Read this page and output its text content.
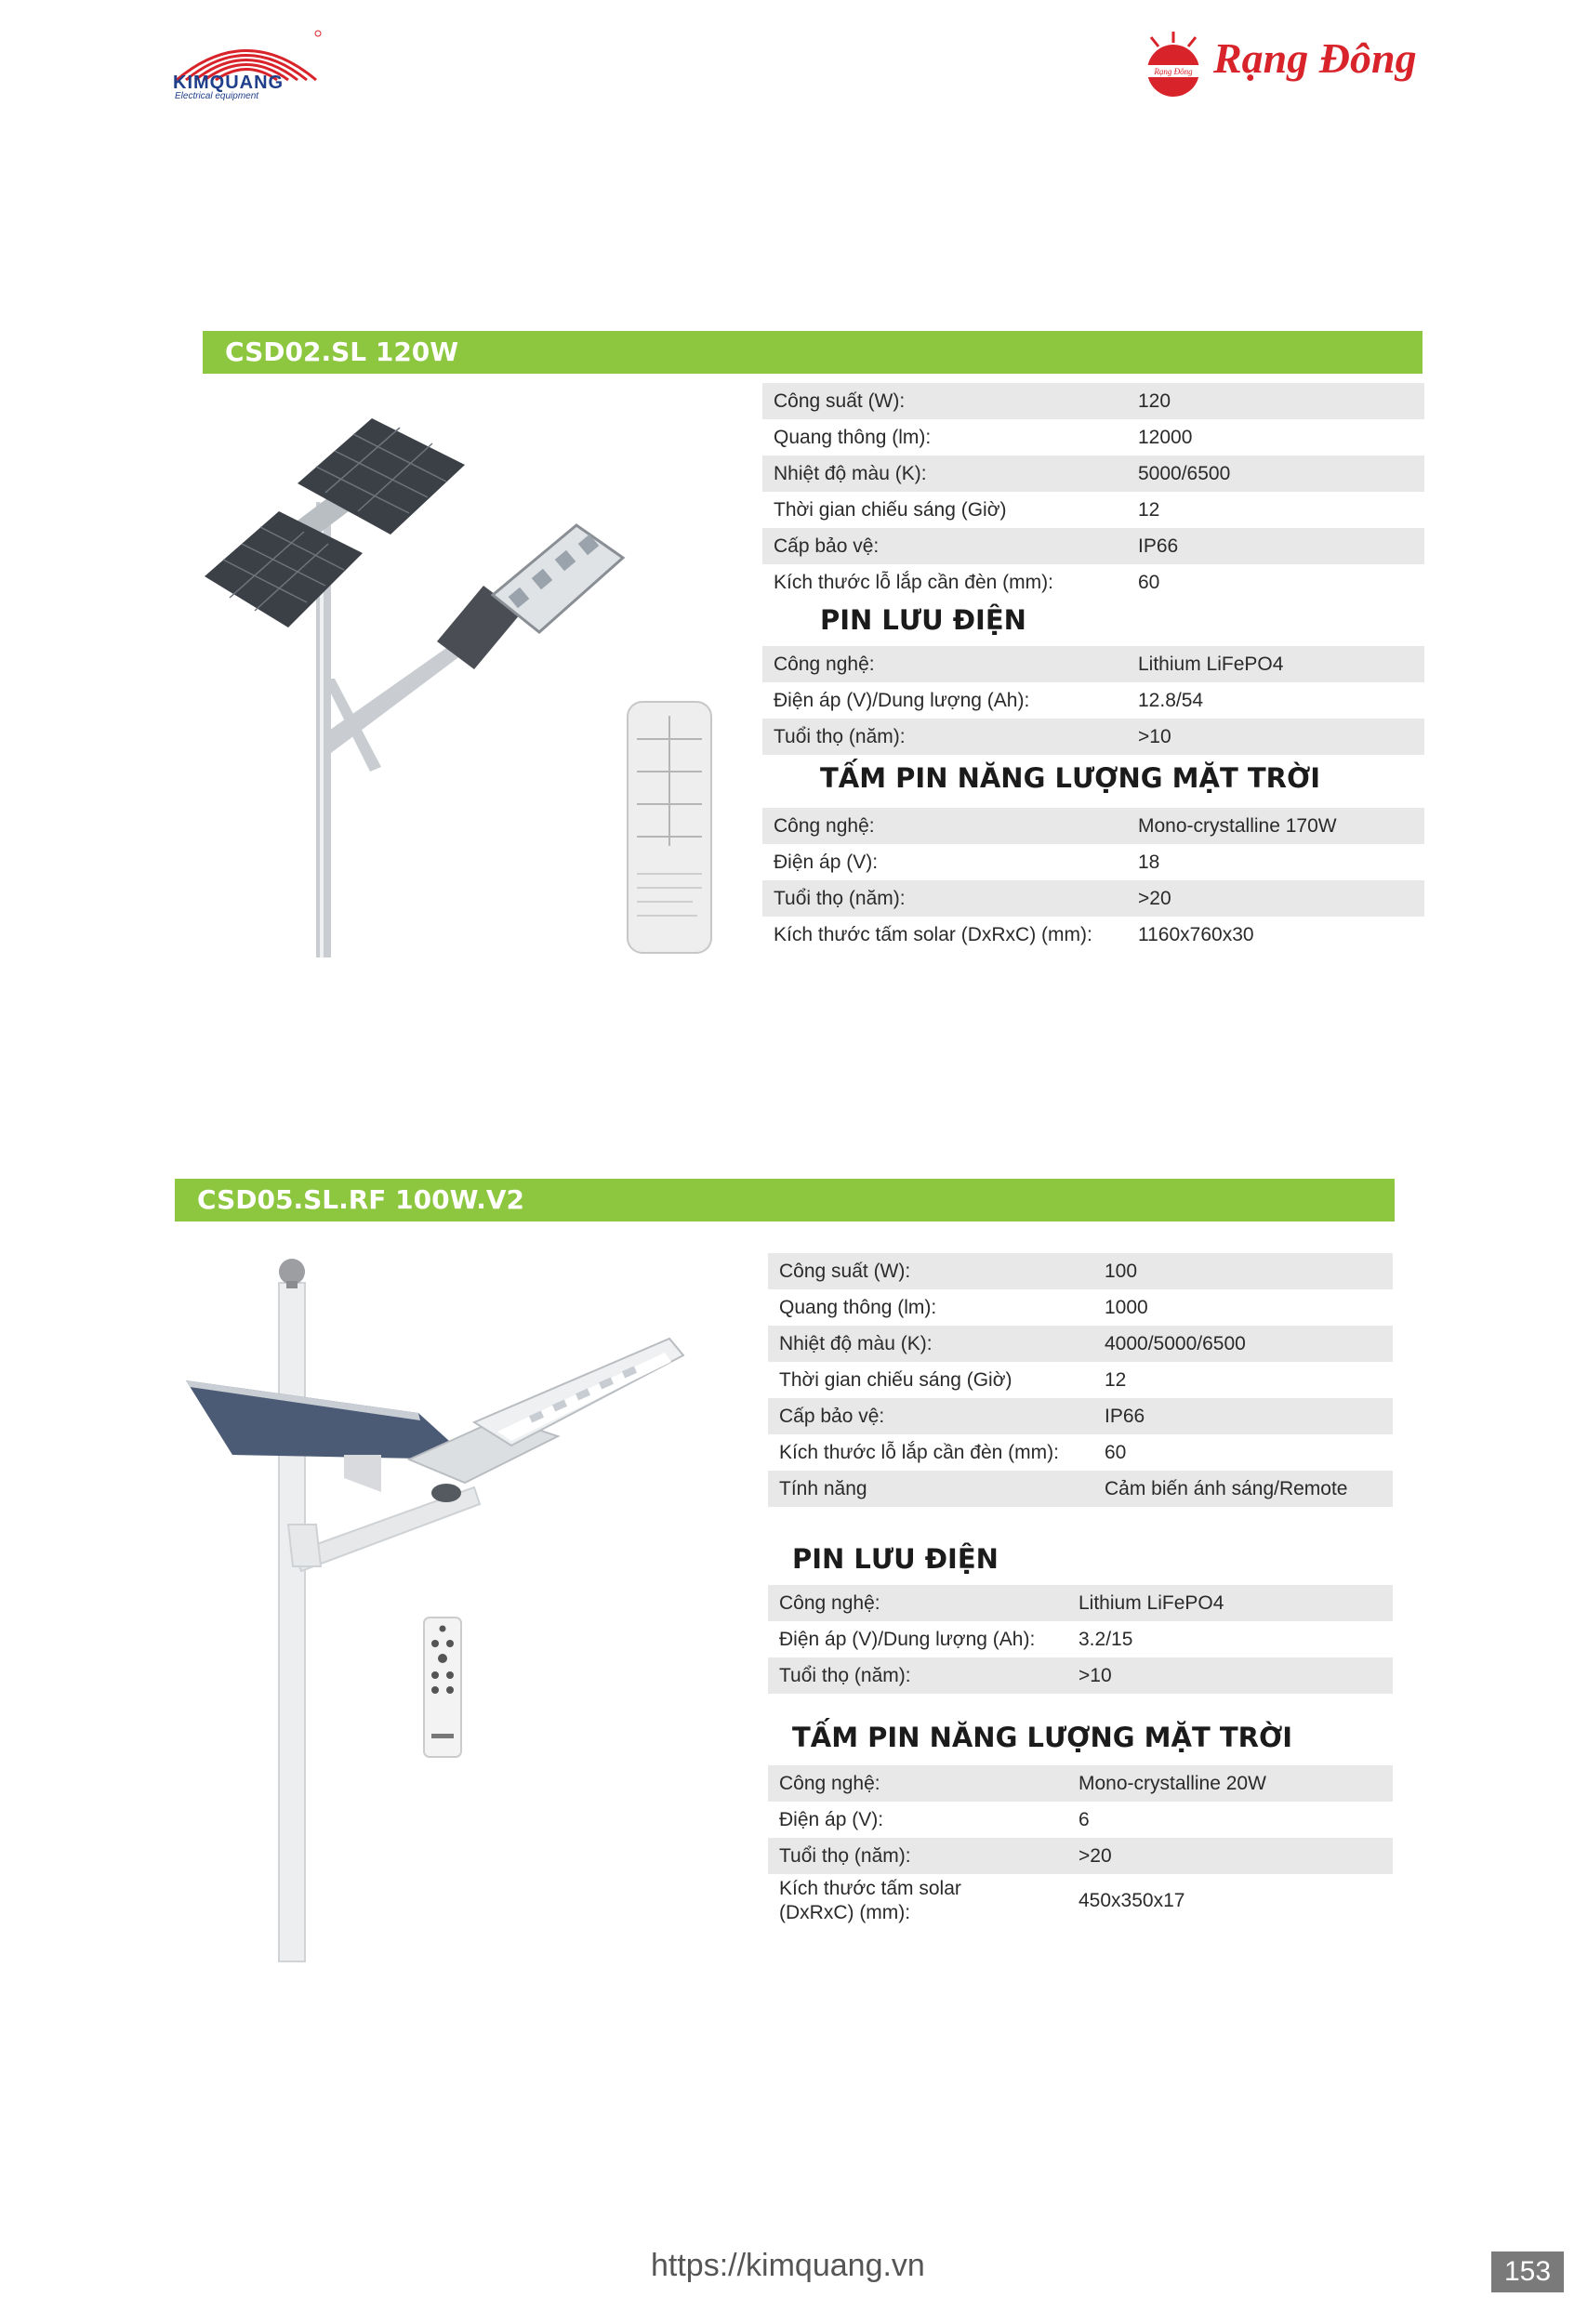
KIMQUANG
Electrical equipment
Rạng Đông Rạng Đông
CSD02.SL 120W
Công suất (W):	120
Quang thông (lm):	12000
Nhiệt độ màu (K):	5000/6500
Thời gian chiếu sáng (Giờ)	12
Cấp bảo vệ:	IP66
Kích thước lỗ lắp cần đèn (mm):	60
PIN LƯU ĐIỆN
Công nghệ:	Lithium LiFePO4
Điện áp (V)/Dung lượng (Ah):	12.8/54
Tuổi thọ (năm):	>10
TẤM PIN NĂNG LƯỢNG MẶT TRỜI
Công nghệ:	Mono-crystalline 170W
Điện áp (V):	18
Tuổi thọ (năm):	>20
Kích thước tấm solar (DxRxC) (mm): 1160x760x30
CSD05.SL.RF 100W.V2
Công suất (W):	100
Quang thông (lm):	1000
Nhiệt độ màu (K):	4000/5000/6500
Thời gian chiếu sáng (Giờ)	12
Cấp bảo vệ:	IP66
Kích thước lỗ lắp cần đèn (mm): 60
Tính năng	Cảm biến ánh sáng/Remote
PIN LƯU ĐIỆN
Công nghệ:	Lithium LiFePO4
Điện áp (V)/Dung lượng (Ah): 3.2/15
Tuổi thọ (năm):	>10
TẤM PIN NĂNG LƯỢNG MẶT TRỜI
Công nghệ:	Mono-crystalline 20W
Điện áp (V):	6
Tuổi thọ (năm):	>20
Kích thước tấm solar (DxRxC) (mm):
450x350x17
https://kimquang.vn	153
